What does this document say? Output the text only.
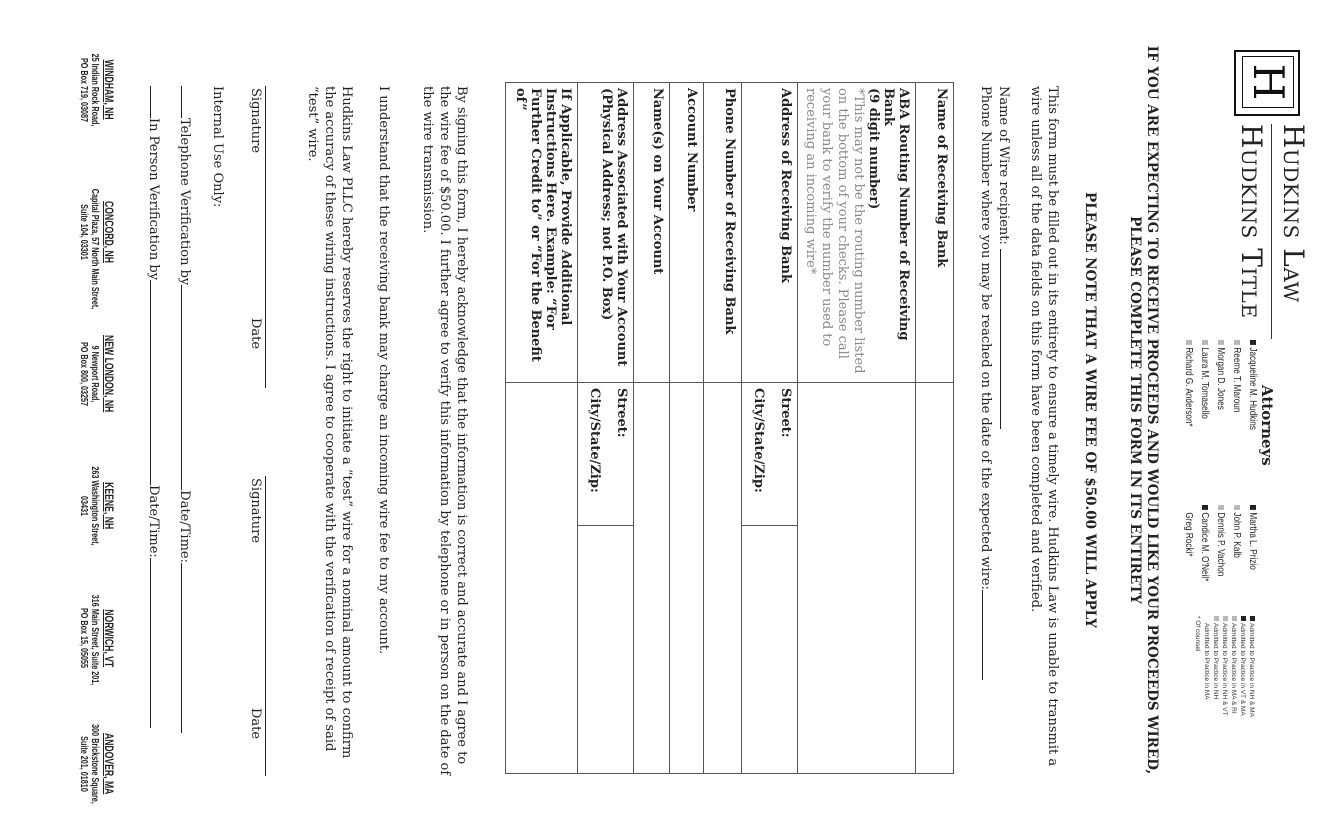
H
Hudkins Law
Hudkins Title
Attorneys
Jacqueline M. Hudkins
Reeme T. Maroun
Morgan D. Jones
Laura M. Tomasello
Richard G. Anderson*
Martha L. Prizio
John P. Kalb
Dennis P. Vachon
Candice M. O'Neil*
Greg Rocki*
Admitted to Practice in NH & MA
Admitted to Practice in VT & MA
Admitted to Practice in MA & RI
Admitted to Practice in NH & VT
Admitted to Practice in NH
Admitted to Practice in MA
* Of counsel
IF YOU ARE EXPECTING TO RECEIVE PROCEEDS AND WOULD LIKE YOUR PROCEEDS WIRED,
PLEASE COMPLETE THIS FORM IN ITS ENTIRETY
PLEASE NOTE THAT A WIRE FEE OF $50.00 WILL APPLY
This form must be filled out in its entirety to ensure a timely wire. Hudkins Law is unable to transmit a wire unless all of the data fields on this form have been completed and verified.
Name of Wire recipient:
Phone Number where you may be reached on the date of the expected wire:
Name of Receiving Bank		

ABA Routing Number of Receiving Bank
(9 digit number)
*This may not be the routing number listed on the bottom of your checks. Please call your bank to verify the number used to receiving an incoming wire*		

Address of Receiving Bank	Street:
City/State/Zip:	

Phone Number of Receiving Bank		
Account Number		
Name(s) on Your Account		
Address Associated with Your Account (Physical Address; not P.O. Box)	Street:
City/State/Zip:	

If Applicable, Provide Additional Instructions Here. Example: “For Further Credit to” or “For the Benefit of”		
By signing this form, I hereby acknowledge that the information is correct and accurate and I agree to the wire fee of $50.00. I further agree to verify this information by telephone or in person on the date of the wire transmission.
I understand that the receiving bank may charge an incoming wire fee to my account.
Hudkins Law PLLC hereby reserves the right to initiate a “test” wire for a nominal amount to confirm the accuracy of these wiring instructions. I agree to cooperate with the verification of receipt of said “test” wire.
Signature
Date
Signature
Date
Internal Use Only:
Telephone Verification byDate/Time:
In Person Verification byDate/Time:
WINDHAM, NH
25 Indian Rock Road,
PO Box 719, 03087
CONCORD, NH
Capital Plaza, 57 North Main Street,
Suite 104, 03301
NEW LONDON, NH
9 Newport Road,
PO Box 800, 03257
KEENE, NH
263 Washington Street,
03431
NORWICH, VT
316 Main Street, Suite 201,
PO Box 15, 05055
ANDOVER, MA
300 Brickstone Square,
Suite 201, 01810
